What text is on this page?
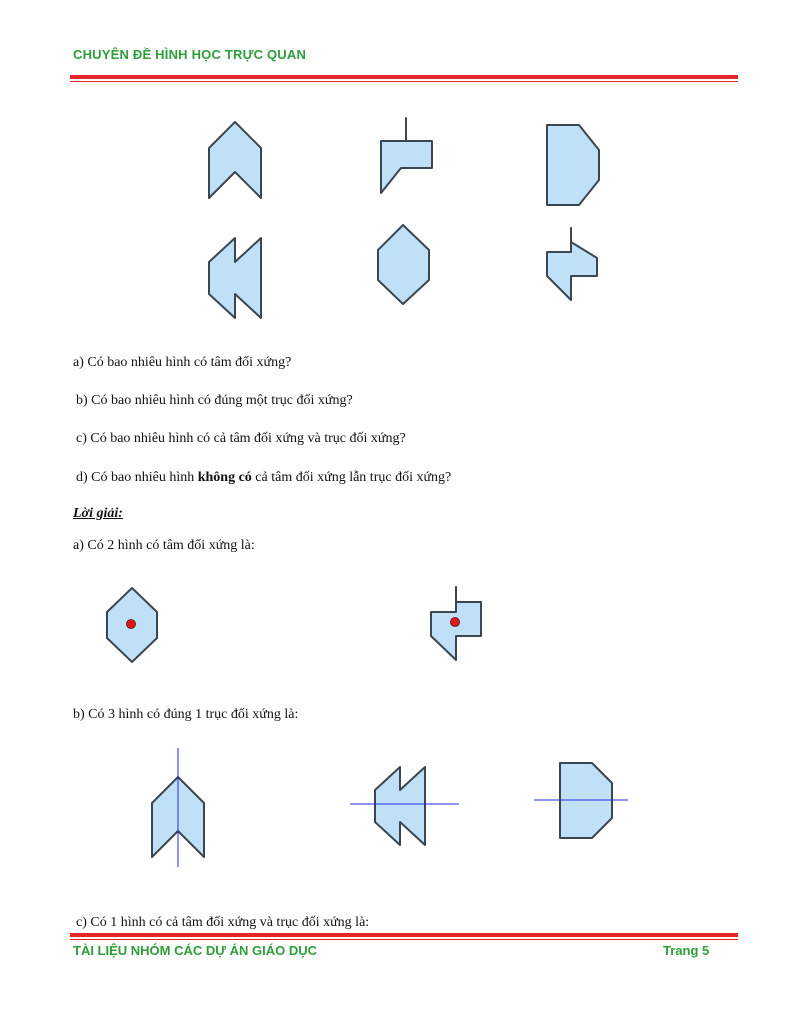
CHUYÊN ĐỀ HÌNH HỌC TRỰC QUAN
a) Có bao nhiêu hình có tâm đối xứng?
b) Có bao nhiêu hình có đúng một trục đối xứng?
c) Có bao nhiêu hình có cả tâm đối xứng và trục đối xứng?
d) Có bao nhiêu hình không có cả tâm đối xứng lẫn trục đối xứng?
Lời giải:
a) Có 2 hình có tâm đối xứng là:
b) Có 3 hình có đúng 1 trục đối xứng là:
c) Có 1 hình có cả tâm đối xứng và trục đối xứng là:
TÀI LIỆU NHÓM CÁC DỰ ÁN GIÁO DỤC	Trang 5
